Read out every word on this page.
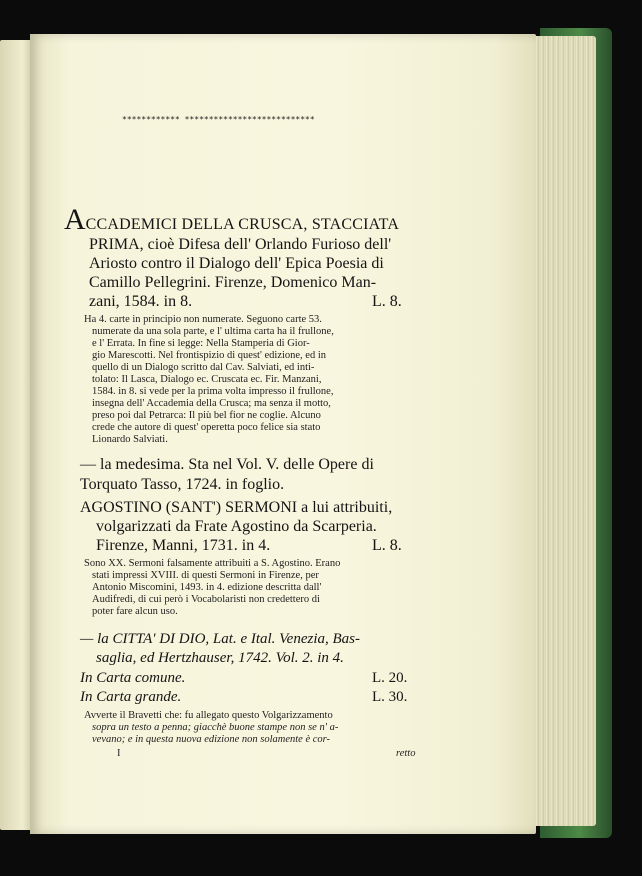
************ ***************************
ACCADEMICI DELLA CRUSCA, STACCIATA
PRIMA, cioè Difesa dell' Orlando Furioso dell'
Ariosto contro il Dialogo dell' Epica Poesia di
Camillo Pellegrini. Firenze, Domenico Man-
zani, 1584. in 8.	L. 8.
Ha 4. carte in principio non numerate. Seguono carte 53.
numerate da una sola parte, e l' ultima carta ha il frullone,
e l' Errata. In fine si legge: Nella Stamperia di Gior-
gio Marescotti. Nel frontispizio di quest' edizione, ed in
quello di un Dialogo scritto dal Cav. Salviati, ed inti-
tolato: Il Lasca, Dialogo ec. Cruscata ec. Fir. Manzani,
1584. in 8. si vede per la prima volta impresso il frullone,
insegna dell' Accademia della Crusca; ma senza il motto,
preso poi dal Petrarca: Il più bel fior ne coglie. Alcuno
crede che autore di quest' operetta poco felice sia stato
Lionardo Salviati.
— la medesima. Sta nel Vol. V. delle Opere di
Torquato Tasso, 1724. in foglio.
AGOSTINO (SANT') SERMONI a lui attribuiti,
volgarizzati da Frate Agostino da Scarperia.
Firenze, Manni, 1731. in 4.	L. 8.
Sono XX. Sermoni falsamente attribuiti a S. Agostino. Erano
stati impressi XVIII. di questi Sermoni in Firenze, per
Antonio Miscomini, 1493. in 4. edizione descritta dall'
Audifredi, di cui però i Vocabolaristi non credettero di
poter fare alcun uso.
— la CITTA' DI DIO, Lat. e Ital. Venezia, Bas-
saglia, ed Hertzhauser, 1742. Vol. 2. in 4.
In Carta comune.	L. 20.
In Carta grande.	L. 30.
Avverte il Bravetti che: fu allegato questo Volgarizzamento
sopra un testo a penna; giacchè buone stampe non se n' a-
vevano; e in questa nuova edizione non solamente è cor-
I	retto
